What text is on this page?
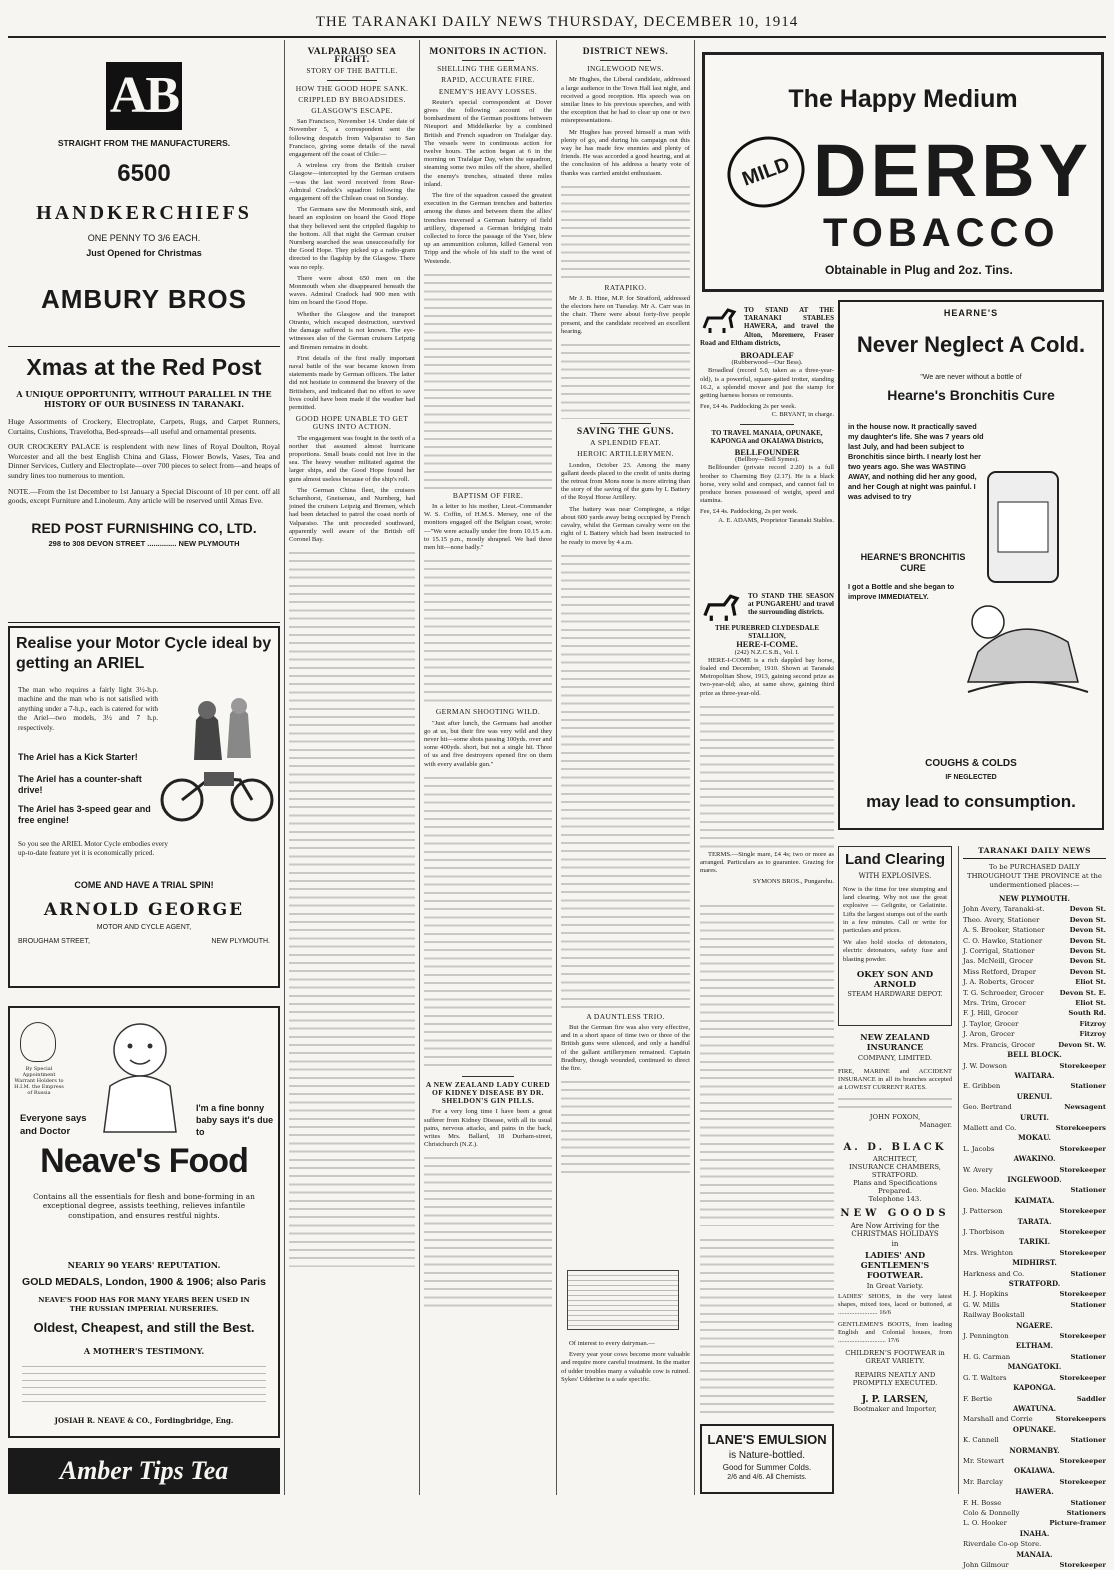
THE TARANAKI DAILY NEWS THURSDAY, DECEMBER 10, 1914
AB
STRAIGHT FROM THE MANUFACTURERS.
6500
HANDKERCHIEFS
ONE PENNY TO 3/6 EACH.
Just Opened for Christmas
AMBURY BROS
Xmas at the Red Post
A UNIQUE OPPORTUNITY, WITHOUT PARALLEL IN THE HISTORY OF OUR BUSINESS IN TARANAKI.
Huge Assortments of Crockery, Electroplate, Carpets, Rugs, and Carpet Runners, Curtains, Cushions, Travelotha, Bed-spreads—all useful and ornamental presents.
OUR CROCKERY PALACE is resplendent with new lines of Royal Doulton, Royal Worcester and all the best English China and Glass, Flower Bowls, Vases, Tea and Dinner Services, Cutlery and Electroplate—over 700 pieces to select from—and heaps of sundry lines too numerous to mention.
NOTE.—From the 1st December to 1st January a Special Discount of 10 per cent. off all goods, except Furniture and Linoleum. Any article will be reserved until Xmas Eve.
RED POST FURNISHING CO, LTD.
298 to 308 DEVON STREET .............. NEW PLYMOUTH
Realise your Motor Cycle ideal by getting an ARIEL
The man who requires a fairly light 3½-h.p. machine and the man who is not satisfied with anything under a 7-h.p., each is catered for with the Ariel—two models, 3½ and 7 h.p. respectively.
The Ariel has a Kick Starter!
The Ariel has a counter-shaft drive!
The Ariel has 3-speed gear and free engine!
So you see the ARIEL Motor Cycle embodies every up-to-date feature yet it is economically priced.
COME AND HAVE A TRIAL SPIN!
ARNOLD GEORGE
MOTOR AND CYCLE AGENT,
BROUGHAM STREET,	NEW PLYMOUTH.
By Special Appointment Warrant Holders to H.I.M. the Empress of Russia
Everyone says and Doctor
I'm a fine bonny baby says it's due to
Neave's Food
Contains all the essentials for flesh and bone-forming in an exceptional degree, assists teething, relieves infantile constipation, and ensures restful nights.
NEARLY 90 YEARS' REPUTATION.
GOLD MEDALS, London, 1900 & 1906; also Paris
NEAVE'S FOOD HAS FOR MANY YEARS BEEN USED IN THE RUSSIAN IMPERIAL NURSERIES.
Oldest, Cheapest, and still the Best.
A MOTHER'S TESTIMONY.
JOSIAH R. NEAVE & CO., Fordingbridge, Eng.
Amber Tips Tea
VALPARAISO SEA FIGHT.
STORY OF THE BATTLE.
HOW THE GOOD HOPE SANK.
CRIPPLED BY BROADSIDES.
GLASGOW'S ESCAPE.

San Francisco, November 14. Under date of November 5, a correspondent sent the following despatch from Valparaiso to San Francisco, giving some details of the naval engagement off the coast of Chile:—

A wireless cry from the British cruiser Glasgow—intercepted by the German cruisers—was the last word received from Rear-Admiral Cradock's squadron following the engagement off the Chilean coast on Sunday.

The Germans saw the Monmouth sink, and heard an explosion on board the Good Hope that they believed sent the crippled flagship to the bottom. All that night the German cruiser Nurnberg searched the seas unsuccessfully for the Good Hope. They picked up a radio-gram directed to the flagship by the Glasgow. There was no reply.

There were about 650 men on the Monmouth when she disappeared beneath the waves. Admiral Cradock had 900 men with him on board the Good Hope.

Whether the Glasgow and the transport Otranto, which escaped destruction, survived the damage suffered is not known. The eye-witnesses also of the German cruisers Leipzig and Bremen remains in doubt.

First details of the first really important naval battle of the war became known from statements made by German officers. The latter did not hesitate to commend the bravery of the Britishers, and indicated that no effort to save lives could have been made if the weather had permitted.

GOOD HOPE UNABLE TO GET GUNS INTO ACTION.

The engagement was fought in the teeth of a norther that assumed almost hurricane proportions. Small boats could not live in the sea. The heavy weather militated against the larger ships, and the Good Hope found her guns almost useless because of the ship's roll.

The German China fleet, the cruisers Scharnhorst, Gneisenau, and Nurnberg, had joined the cruisers Leipzig and Bremen, which had been detached to patrol the coast north of Valparaiso. The unit proceeded southward, apparently well aware of the British off Coronel Bay.

MONITORS IN ACTION.
SHELLING THE GERMANS.
RAPID, ACCURATE FIRE.
ENEMY'S HEAVY LOSSES.

Reuter's special correspondent at Dover gives the following account of the bombardment of the German positions between Nieuport and Middelkerke by a combined British and French squadron on Trafalgar day. The vessels were in continuous action for twelve hours. The action began at 6 in the morning on Trafalgar Day, when the squadron, steaming some two miles off the shore, shelled the enemy's trenches, situated three miles inland.

The fire of the squadron caused the greatest execution in the German trenches and batteries among the dunes and between them the allies' trenches traversed a German battery of field artillery, dispersed a German bridging train collected to force the passage of the Yser, blew up an ammunition column, killed General von Tripp and the whole of his staff to the west of Westende.

BAPTISM OF FIRE.

In a letter to his mother, Lieut.-Commander W. S. Coffin, of H.M.S. Mersey, one of the monitors engaged off the Belgian coast, wrote:—"We were actually under fire from 10.15 a.m. to 15.15 p.m., mostly shrapnel. We had three men hit—none badly."

GERMAN SHOOTING WILD.

"Just after lunch, the Germans had another go at us, but their fire was very wild and they never hit—some shots passing 100yds. over and some 400yds. short, but not a single hit. Three of us and five destroyers opened fire on them with every available gun."

A NEW ZEALAND LADY CURED OF KIDNEY DISEASE BY DR. SHELDON'S GIN PILLS.

For a very long time I have been a great sufferer from Kidney Disease, with all its usual pains, nervous attacks, and pains in the back, writes Mrs. Ballard, 18 Durham-street, Christchurch (N.Z.).

DISTRICT NEWS.
INGLEWOOD NEWS.

Mr Hughes, the Liberal candidate, addressed a large audience in the Town Hall last night, and received a good reception. His speech was on similar lines to his previous speeches, and with the exception that he had to clear up one or two misrepresentations.

Mr Hughes has proved himself a man with plenty of go, and during his campaign out this way he has made few enemies and plenty of friends. He was accorded a good hearing, and at the conclusion of his address a hearty vote of thanks was carried amidst enthusiasm.

RATAPIKO.

Mr J. B. Hine, M.P. for Stratford, addressed the electors here on Tuesday. Mr A. Carr was in the chair. There were about forty-five people present, and the candidate received an excellent hearing.

SAVING THE GUNS.
A SPLENDID FEAT.
HEROIC ARTILLERYMEN.

London, October 23. Among the many gallant deeds placed to the credit of units during the retreat from Mons none is more stirring than the story of the saving of the guns by L Battery of the Royal Horse Artillery.

The battery was near Compiegne, a ridge about 600 yards away being occupied by French cavalry, whilst the German cavalry were on the right of L Battery which had been instructed to be ready to move by 4 a.m.

A DAUNTLESS TRIO.

But the German fire was also very effective, and in a short space of time two or three of the British guns were silenced, and only a handful of the gallant artillerymen remained. Captain Bradbury, though wounded, continued to direct the fire.

Of interest to every dairyman.—

Every year your cows become more valuable and require more careful treatment. In the matter of udder troubles many a valuable cow is ruined. Sykes' Udderine is a safe specific.

The Happy Medium
MILD DERBY
TOBACCO
Obtainable in Plug and 2oz. Tins.
TO STAND AT THE TARANAKI STABLES HAWERA, and travel the Alton, Moremere, Fraser Road and Eltham districts,
BROADLEAF
(Rubberwood—Our Bess).

Broadleaf (record 5.0, taken as a three-year-old), is a powerful, square-gaited trotter, standing 16.2, a splendid mover and just the stamp for getting harness horses or remounts.

Fee, £4 4s. Paddocking 2s per week.
C. BRYANT, in charge.
TO TRAVEL MANAIA, OPUNAKE, KAPONGA and OKAIAWA Districts,
BELLFOUNDER
(Bellboy—Bell Symes).

Bellfounder (private record 2.20) is a full brother to Charming Boy (2.17). He is a black horse, very solid and compact, and cannot fail to produce horses possessed of weight, speed and stamina.

Fee, £4 4s. Paddocking, 2s per week.
A. E. ADAMS, Proprietor Taranaki Stables.
TO STAND THE SEASON at PUNGAREHU and travel the surrounding districts.
THE PUREBRED CLYDESDALE STALLION,
HERE-I-COME.
(242) N.Z.C.S.B., Vol. I.

HERE-I-COME is a rich dappled bay horse, foaled end December, 1910. Shown at Taranaki Metropolitan Show, 1913, gaining second prize as two-year-old; also, at same show, gaining third prize as three-year-old.

TERMS.—Single mare, £4 4s; two or more as arranged. Particulars as to guarantee. Grazing for mares.

SYMONS BROS., Pungarehu.
HEARNE'S
Never Neglect A Cold.
"We are never without a bottle of
Hearne's Bronchitis Cure
in the house now. It practically saved my daughter's life. She was 7 years old last July, and had been subject to Bronchitis since birth. I nearly lost her two years ago. She was WASTING AWAY, and nothing did her any good, and her Cough at night was painful. I was advised to try
HEARNE'S BRONCHITIS CURE
I got a Bottle and she began to improve IMMEDIATELY.
COUGHS & COLDS
IF NEGLECTED
may lead to consumption.
Land Clearing
WITH EXPLOSIVES.
Now is the time for tree stumping and land clearing. Why not use the great explosive — Gelignite, or Gelatinite. Lifts the largest stumps out of the earth in a few minutes. Call or write for particulars and prices.
We also hold stocks of detonators, electric detonators, safety fuse and blasting powder.
OKEY SON AND ARNOLD
STEAM HARDWARE DEPOT.
NEW ZEALAND INSURANCE
COMPANY, LIMITED.
FIRE, MARINE and ACCIDENT INSURANCE in all its branches accepted at LOWEST CURRENT RATES.
JOHN FOXON,
Manager.
A. D. BLACK
ARCHITECT,
INSURANCE CHAMBERS, STRATFORD.
Plans and Specifications Prepared.
Telephone 143.
NEW GOODS
Are Now Arriving for the CHRISTMAS HOLIDAYS
in
LADIES' AND GENTLEMEN'S FOOTWEAR.
In Great Variety.
LADIES' SHOES, in the very latest shapes, mixed toes, laced or buttoned, at ........................ 16/6
GENTLEMEN'S BOOTS, from leading English and Colonial houses, from ............................. 17/6
CHILDREN'S FOOTWEAR in GREAT VARIETY.
REPAIRS NEATLY AND PROMPTLY EXECUTED.
J. P. LARSEN,
Bootmaker and Importer,
LANE'S EMULSION
is Nature-bottled.
Good for Summer Colds.
2/6 and 4/6. All Chemists.
TARANAKI DAILY NEWS
To be PURCHASED DAILY THROUGHOUT THE PROVINCE at the undermentioned places:—
NEW PLYMOUTH.
John Avery, Taranaki-st.	Devon St.
Theo. Avery, Stationer	Devon St.
A. S. Brooker, Stationer	Devon St.
C. O. Hawke, Stationer	Devon St.
J. Corrigal, Stationer	Devon St.
Jas. McNeill, Grocer	Devon St.
Miss Retford, Draper	Devon St.
J. A. Roberts, Grocer	Eliot St.
T. G. Schroeder, Grocer Devon St. E.
Mrs. Trim, Grocer	Eliot St.
F. J. Hill, Grocer	South Rd.
J. Taylor, Grocer	Fitzroy
J. Aron, Grocer	Fitzroy
Mrs. Francis, Grocer	Devon St. W.
BELL BLOCK.
J. W. Dowson	Storekeeper
WAITARA.
E. Gribben	Stationer
URENUI.
Geo. Bertrand	Newsagent
URUTI.
Mallett and Co.	Storekeepers
MOKAU.
L. Jacobs	Storekeeper
AWAKINO.
W. Avery	Storekeeper
INGLEWOOD.
Geo. Mackie	Stationer
KAIMATA.
J. Patterson	Storekeeper
TARATA.
J. Thorbison	Storekeeper
TARIKI.
Mrs. Wrighton	Storekeeper
MIDHIRST.
Harkness and Co.	Stationer
STRATFORD.
H. J. Hopkins	Storekeeper
G. W. Mills	Stationer
Railway Bookstall
NGAERE.
J. Pennington	Storekeeper
ELTHAM.
H. G. Carman	Stationer
MANGATOKI.
G. T. Walters	Storekeeper
KAPONGA.
F. Bertie	Saddler
AWATUNA.
Marshall and Corrie	Storekeepers
OPUNAKE.
K. Cannell	Stationer
NORMANBY.
Mr. Stewart	Storekeeper
OKAIAWA.
Mr. Barclay	Storekeeper
HAWERA.
F. H. Bosse	Stationer
Colo & Donnelly	Stationers
L. O. Hooker	Picture-framer
INAHA.
Riverdale Co-op Store.
MANAIA.
John Gilmour	Storekeeper
